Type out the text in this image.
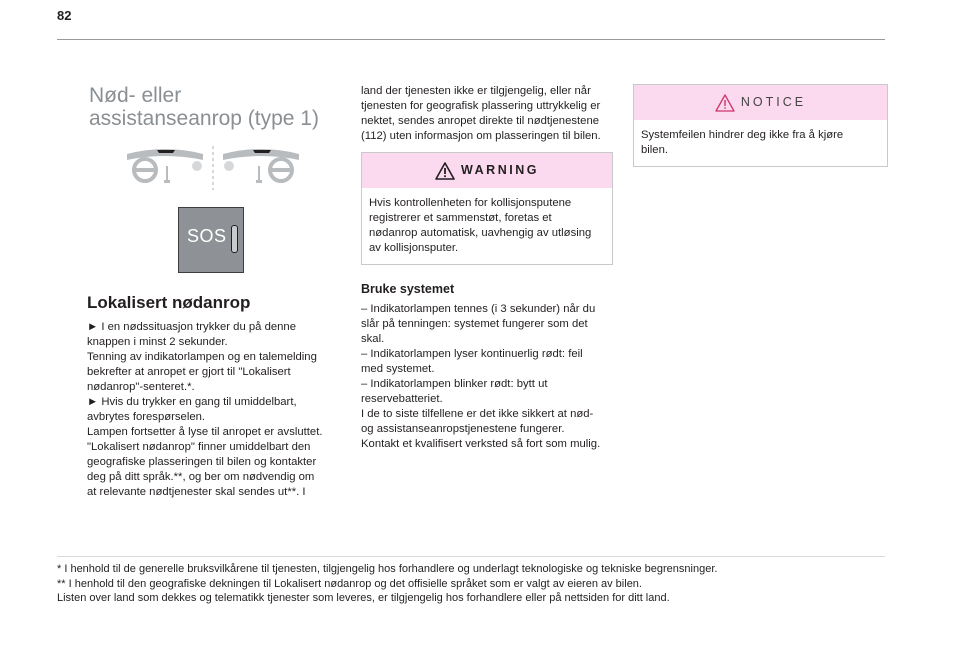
82
Nød- eller
assistanseanrop (type 1)
SOS
Lokalisert nødanrop
► I en nødssituasjon trykker du på denne
knappen i minst 2 sekunder.
Tenning av indikatorlampen og en talemelding
bekrefter at anropet er gjort til "Lokalisert
nødanrop"-senteret.*.
► Hvis du trykker en gang til umiddelbart,
avbrytes forespørselen.
Lampen fortsetter å lyse til anropet er avsluttet.
"Lokalisert nødanrop" finner umiddelbart den
geografiske plasseringen til bilen og kontakter
deg på ditt språk.**, og ber om nødvendig om
at relevante nødtjenester skal sendes ut**. I
land der tjenesten ikke er tilgjengelig, eller når
tjenesten for geografisk plassering uttrykkelig er
nektet, sendes anropet direkte til nødtjenestene
(112) uten informasjon om plasseringen til bilen.
WARNING
Hvis kontrollenheten for kollisjonsputene
registrerer et sammenstøt, foretas et
nødanrop automatisk, uavhengig av utløsing
av kollisjonsputer.
Bruke systemet
– Indikatorlampen tennes (i 3 sekunder) når du
slår på tenningen: systemet fungerer som det
skal.
– Indikatorlampen lyser kontinuerlig rødt: feil
med systemet.
– Indikatorlampen blinker rødt: bytt ut
reservebatteriet.
I de to siste tilfellene er det ikke sikkert at nød-
og assistanseanropstjenestene fungerer.
Kontakt et kvalifisert verksted så fort som mulig.
NOTICE
Systemfeilen hindrer deg ikke fra å kjøre
bilen.
* I henhold til de generelle bruksvilkårene til tjenesten, tilgjengelig hos forhandlere og underlagt teknologiske og tekniske begrensninger.
** I henhold til den geografiske dekningen til Lokalisert nødanrop og det offisielle språket som er valgt av eieren av bilen.
Listen over land som dekkes og telematikk tjenester som leveres, er tilgjengelig hos forhandlere eller på nettsiden for ditt land.
